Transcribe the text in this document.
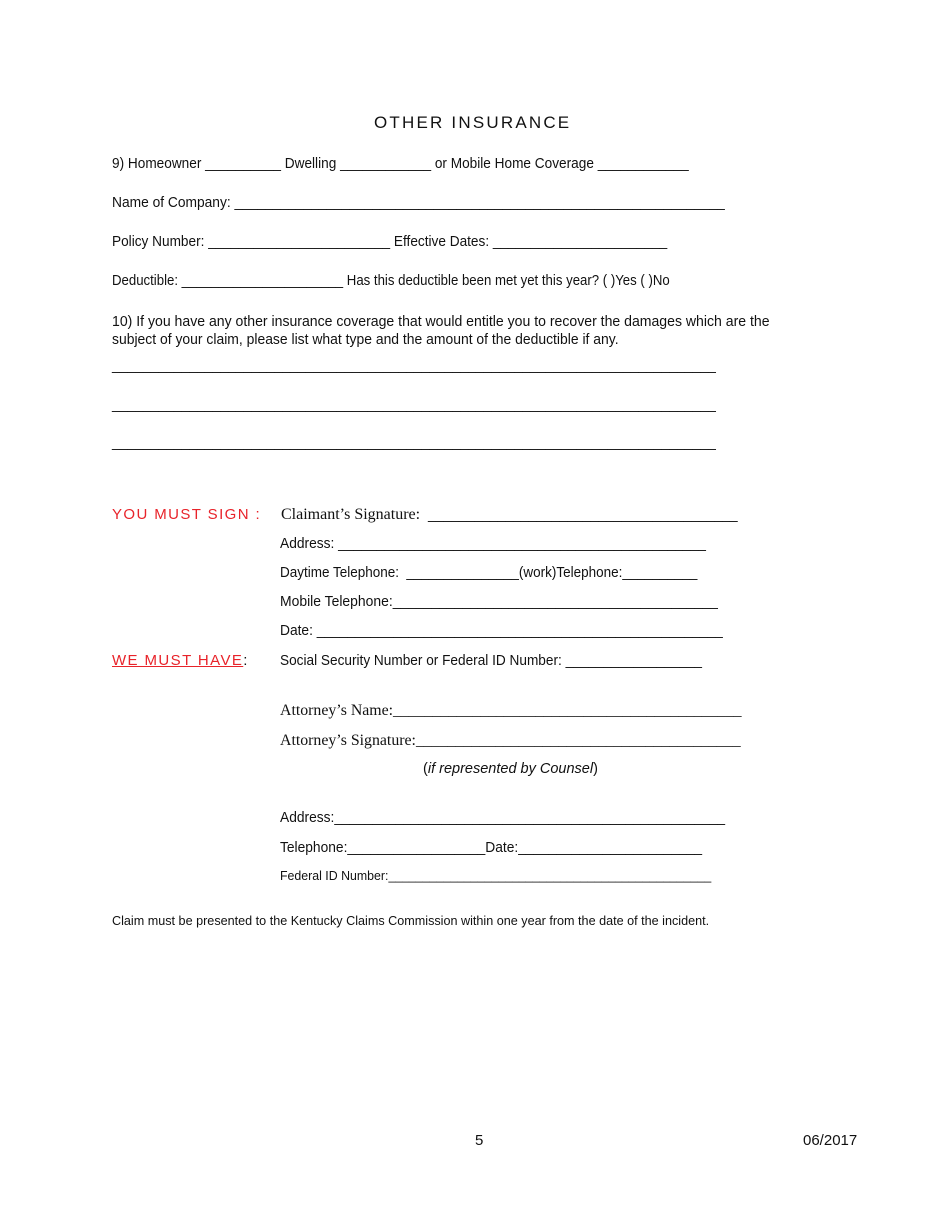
OTHER INSURANCE
9) Homeowner __________ Dwelling ____________ or Mobile Home Coverage ____________
Name of Company: ________________________________________________________________
Policy Number: ________________________ Effective Dates: _______________________
Deductible: ______________________ Has this deductible been met yet this year? ( )Yes ( )No
10) If you have any other insurance coverage that would entitle you to recover the damages which are the
subject of your claim, please list what type and the amount of the deductible if any.
______________________________________________________________________________
______________________________________________________________________________
______________________________________________________________________________
YOU MUST SIGN : Claimant’s Signature: ________________________________________
Address: ________________________________________________
Daytime Telephone:  _______________(work)Telephone:__________
Mobile Telephone:__________________________________________
Date: _____________________________________________________
WE MUST HAVE: Social Security Number or Federal ID Number: __________________
Attorney’s Name:____________________________________________
Attorney’s Signature:_________________________________________
(if represented by Counsel)
Address:___________________________________________________
Telephone:__________________Date:________________________
Federal ID Number:_______________________________________________
Claim must be presented to the Kentucky Claims Commission within one year from the date of the incident.
5	06/2017
